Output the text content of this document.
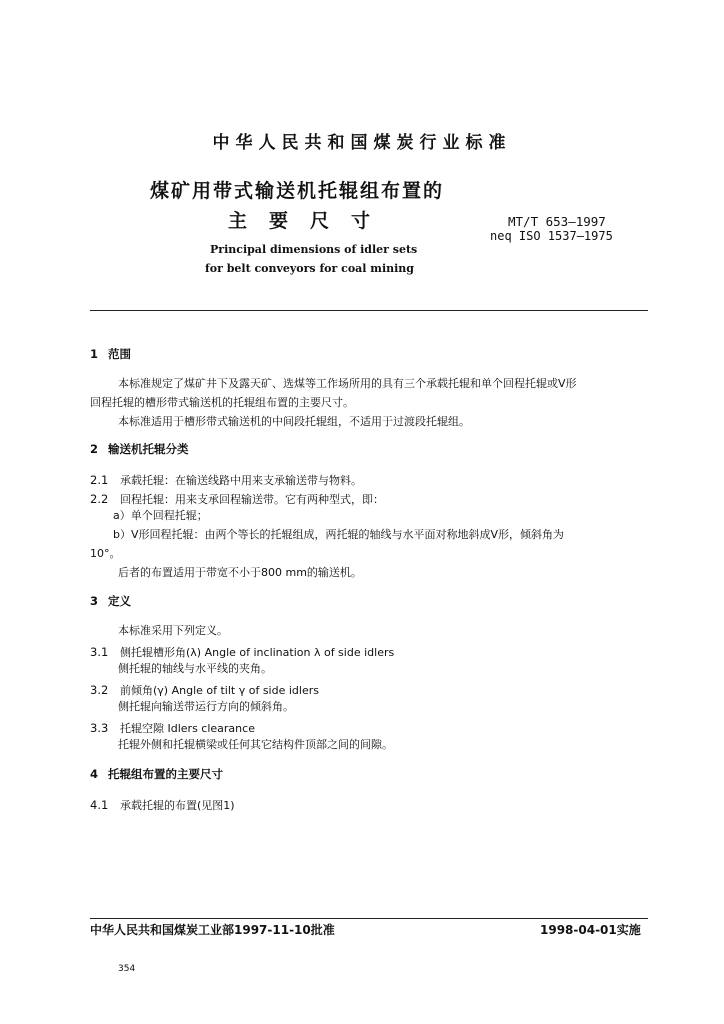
中华人民共和国煤炭行业标准
煤矿用带式输送机托辊组布置的
主要尺寸	MT/T 653—1997
neq ISO 1537—1975
Principal dimensions of idler sets
for belt conveyors for coal mining
1 范围
本标准规定了煤矿井下及露天矿、选煤等工作场所用的具有三个承载托辊和单个回程托辊或V形
回程托辊的槽形带式输送机的托辊组布置的主要尺寸。
本标准适用于槽形带式输送机的中间段托辊组，不适用于过渡段托辊组。
2 输送机托辊分类
2.1 承载托辊：在输送线路中用来支承输送带与物料。
2.2 回程托辊：用来支承回程输送带。它有两种型式，即：
a）单个回程托辊；
b）V形回程托辊：由两个等长的托辊组成，两托辊的轴线与水平面对称地斜成V形，倾斜角为
10°。
后者的布置适用于带宽不小于800 mm的输送机。
3 定义
本标准采用下列定义。
3.1 侧托辊槽形角(λ) Angle of inclination λ of side idlers
侧托辊的轴线与水平线的夹角。
3.2 前倾角(γ) Angle of tilt γ of side idlers
侧托辊向输送带运行方向的倾斜角。
3.3 托辊空隙 Idlers clearance
托辊外侧和托辊横梁或任何其它结构件顶部之间的间隙。
4 托辊组布置的主要尺寸
4.1 承载托辊的布置(见图1)
中华人民共和国煤炭工业部1997-11-10批准	1998-04-01实施
354
